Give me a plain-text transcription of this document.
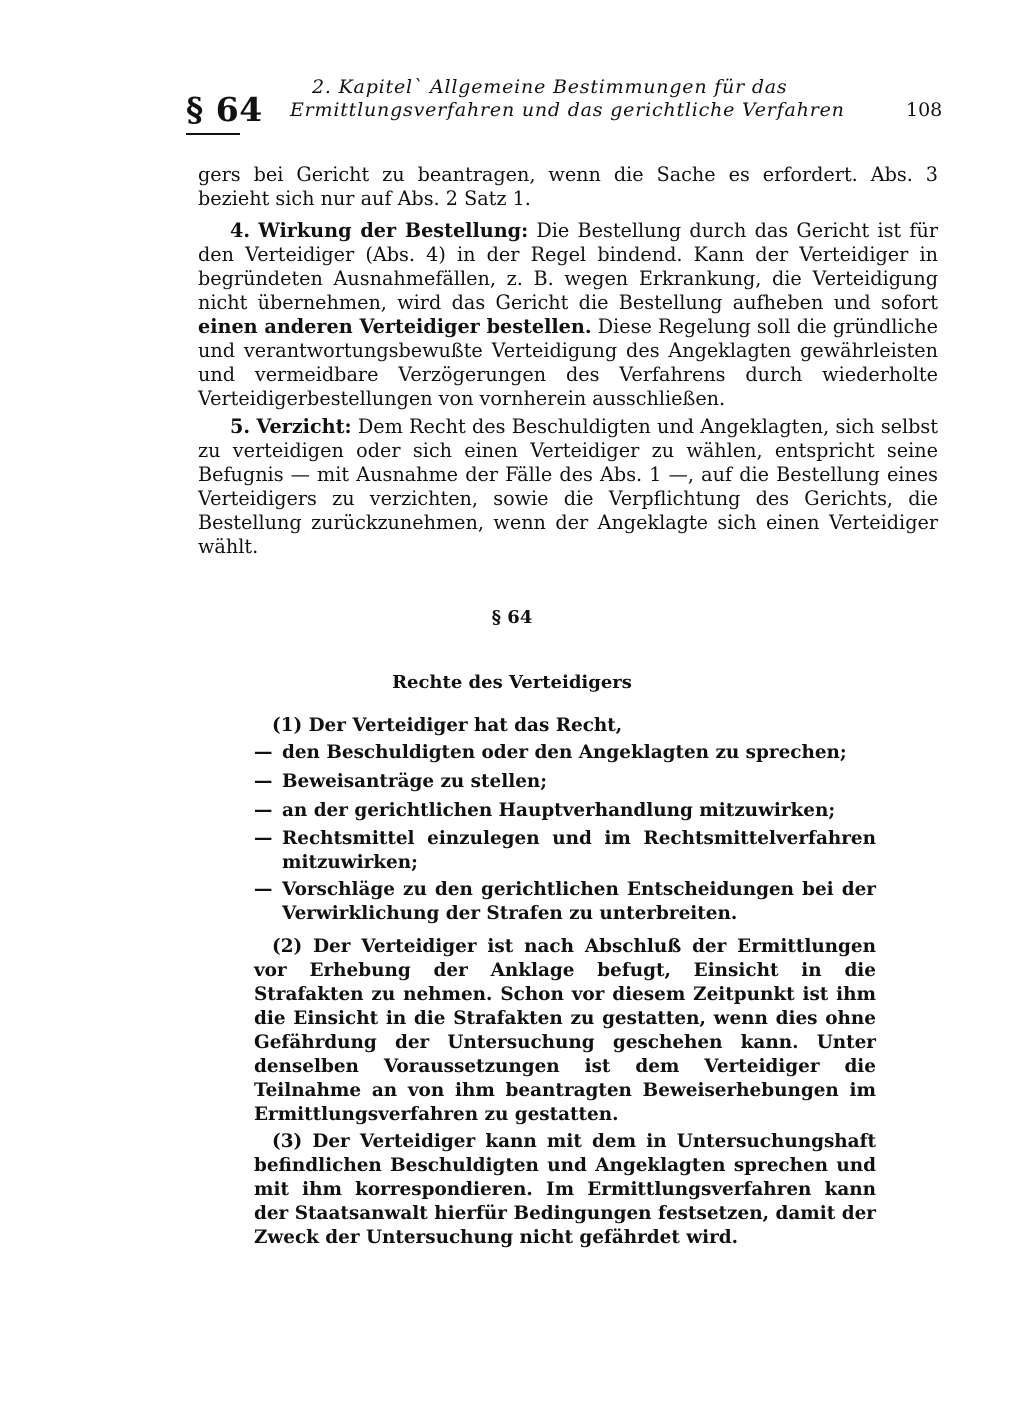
§ 64
2. Kapitel` Allgemeine Bestimmungen für das
Ermittlungsverfahren und das gerichtliche Verfahren	108

gers bei Gericht zu beantragen, wenn die Sache es erfordert. Abs. 3 bezieht sich nur auf Abs. 2 Satz 1.

4. Wirkung der Bestellung: Die Bestellung durch das Gericht ist für den Verteidiger (Abs. 4) in der Regel bindend. Kann der Verteidiger in begründeten Ausnahmefällen, z. B. wegen Erkrankung, die Verteidigung nicht übernehmen, wird das Gericht die Bestellung aufheben und sofort einen anderen Verteidiger bestellen. Diese Regelung soll die gründliche und verantwortungsbewußte Verteidigung des Angeklagten gewährleisten und vermeidbare Verzögerungen des Verfahrens durch wiederholte Verteidigerbestellungen von vornherein ausschließen.

5. Verzicht: Dem Recht des Beschuldigten und Angeklagten, sich selbst zu verteidigen oder sich einen Verteidiger zu wählen, entspricht seine Befugnis — mit Ausnahme der Fälle des Abs. 1 —, auf die Bestellung eines Verteidigers zu verzichten, sowie die Verpflichtung des Gerichts, die Bestellung zurückzunehmen, wenn der Angeklagte sich einen Verteidiger wählt.

§ 64
Rechte des Verteidigers

(1) Der Verteidiger hat das Recht,

— den Beschuldigten oder den Angeklagten zu sprechen;
— Beweisanträge zu stellen;
— an der gerichtlichen Hauptverhandlung mitzuwirken;
— Rechtsmittel einzulegen und im Rechtsmittelverfahren mitzuwirken;
— Vorschläge zu den gerichtlichen Entscheidungen bei der Verwirklichung der Strafen zu unterbreiten.

(2) Der Verteidiger ist nach Abschluß der Ermittlungen vor Erhebung der Anklage befugt, Einsicht in die Strafakten zu nehmen. Schon vor diesem Zeitpunkt ist ihm die Einsicht in die Strafakten zu gestatten, wenn dies ohne Gefährdung der Untersuchung geschehen kann. Unter denselben Voraussetzungen ist dem Verteidiger die Teilnahme an von ihm beantragten Beweiserhebungen im Ermittlungsverfahren zu gestatten.

(3) Der Verteidiger kann mit dem in Untersuchungshaft befindlichen Beschuldigten und Angeklagten sprechen und mit ihm korrespondieren. Im Ermittlungsverfahren kann der Staatsanwalt hierfür Bedingungen festsetzen, damit der Zweck der Untersuchung nicht gefährdet wird.
